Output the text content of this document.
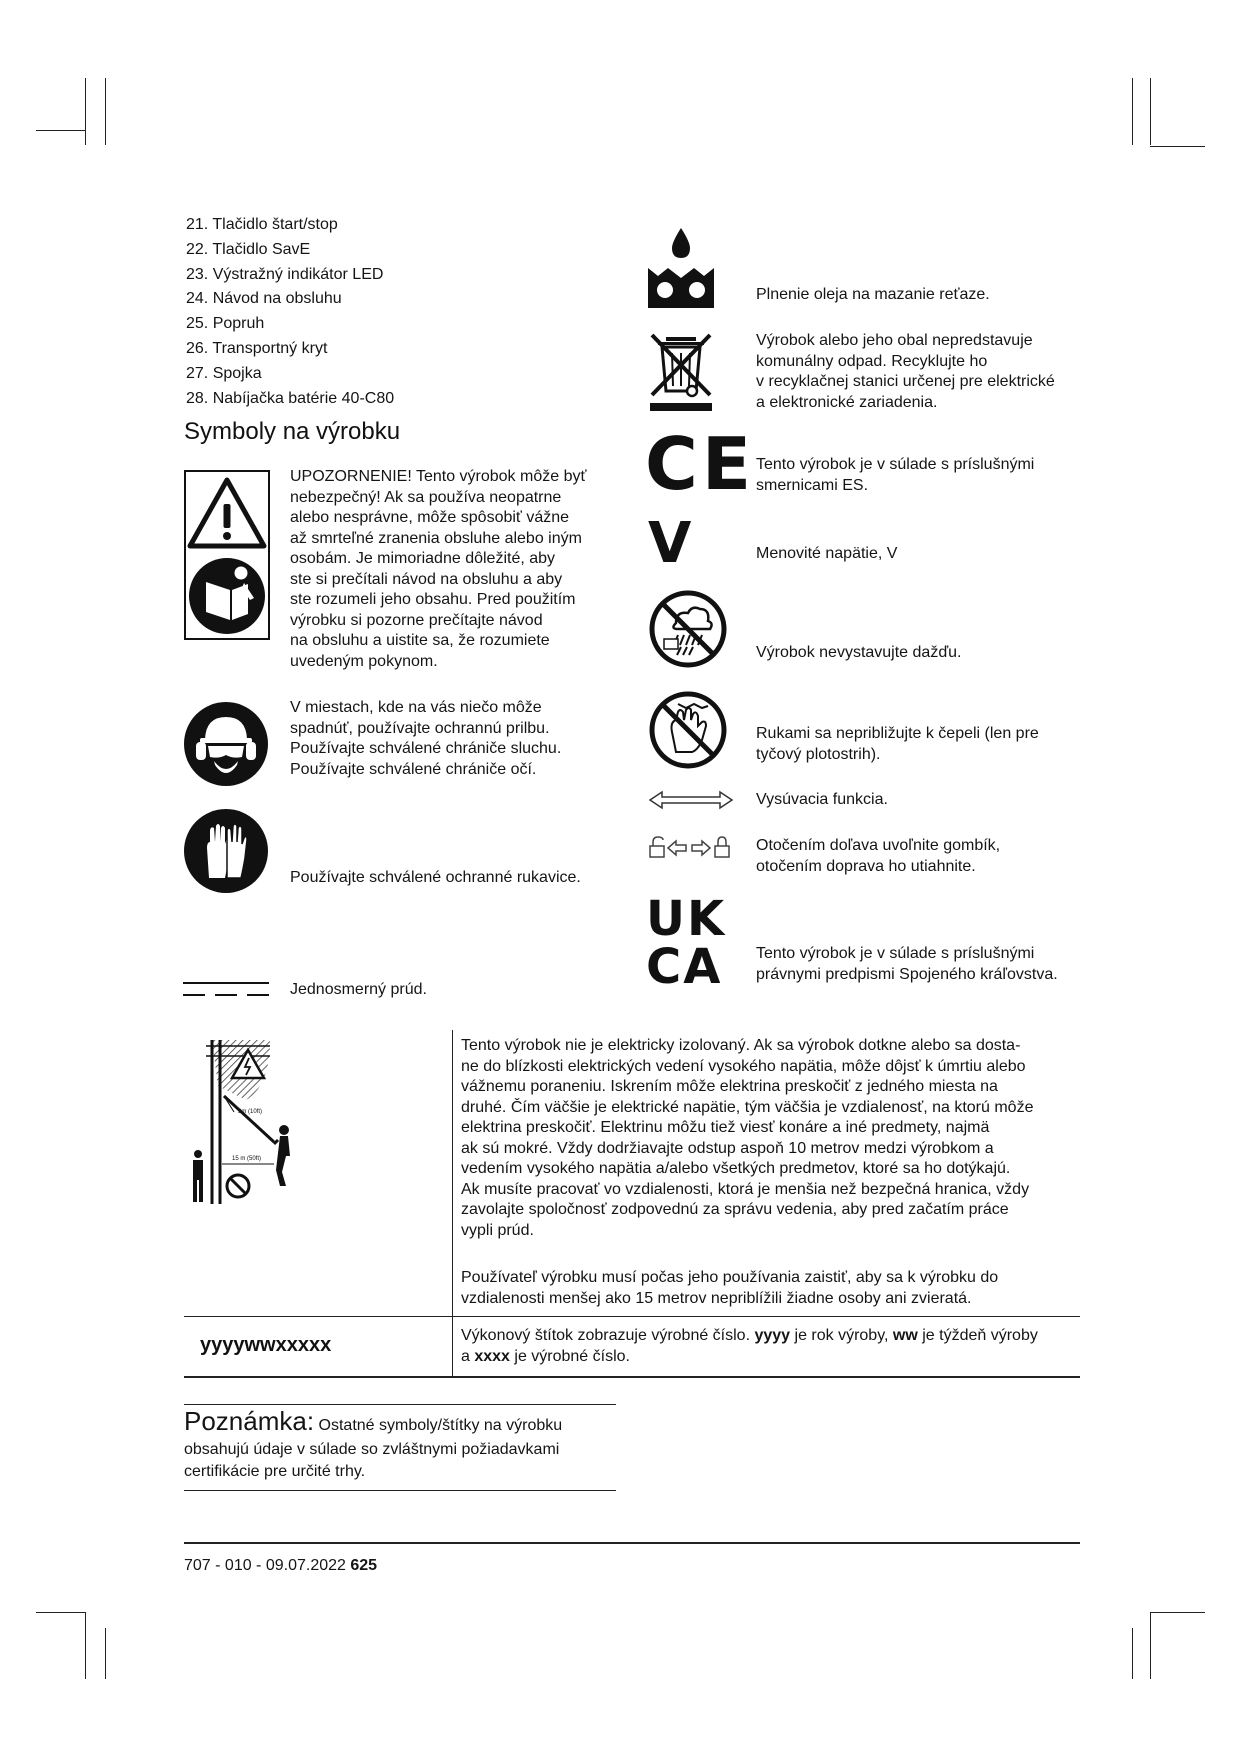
21. Tlačidlo štart/stop
22. Tlačidlo SavE
23. Výstražný indikátor LED
24. Návod na obsluhu
25. Popruh
26. Transportný kryt
27. Spojka
28. Nabíjačka batérie 40-C80
Symboly na výrobku
UPOZORNENIE! Tento výrobok môže byť
nebezpečný! Ak sa používa neopatrne
alebo nesprávne, môže spôsobiť vážne
až smrteľné zranenia obsluhe alebo iným
osobám. Je mimoriadne dôležité, aby
ste si prečítali návod na obsluhu a aby
ste rozumeli jeho obsahu. Pred použitím
výrobku si pozorne prečítajte návod
na obsluhu a uistite sa, že rozumiete
uvedeným pokynom.
V miestach, kde na vás niečo môže
spadnúť, používajte ochrannú prilbu.
Používajte schválené chrániče sluchu.
Používajte schválené chrániče očí.
Používajte schválené ochranné rukavice.
Jednosmerný prúd.
Plnenie oleja na mazanie reťaze.
Výrobok alebo jeho obal nepredstavuje
komunálny odpad. Recyklujte ho
v recyklačnej stanici určenej pre elektrické
a elektronické zariadenia.
CE Tento výrobok je v súlade s príslušnými
smernicami ES.
V	Menovité napätie, V
Výrobok nevystavujte dažďu.
Rukami sa nepribližujte k čepeli (len pre
tyčový plotostrih).
Vysúvacia funkcia.
Otočením doľava uvoľnite gombík,
otočením doprava ho utiahnite.
UK
CA	Tento výrobok je v súlade s príslušnými
právnymi predpismi Spojeného kráľovstva.
3m (10ft)
15 m (50ft)
Tento výrobok nie je elektricky izolovaný. Ak sa výrobok dotkne alebo sa dosta-
ne do blízkosti elektrických vedení vysokého napätia, môže dôjsť k úmrtiu alebo
vážnemu poraneniu. Iskrením môže elektrina preskočiť z jedného miesta na
druhé. Čím väčšie je elektrické napätie, tým väčšia je vzdialenosť, na ktorú môže
elektrina preskočiť. Elektrinu môžu tiež viesť konáre a iné predmety, najmä
ak sú mokré. Vždy dodržiavajte odstup aspoň 10 metrov medzi výrobkom a
vedením vysokého napätia a/alebo všetkých predmetov, ktoré sa ho dotýkajú.
Ak musíte pracovať vo vzdialenosti, ktorá je menšia než bezpečná hranica, vždy
zavolajte spoločnosť zodpovednú za správu vedenia, aby pred začatím práce
vypli prúd.
Používateľ výrobku musí počas jeho používania zaistiť, aby sa k výrobku do
vzdialenosti menšej ako 15 metrov nepriblížili žiadne osoby ani zvieratá.
yyyywwxxxxx	Výkonový štítok zobrazuje výrobné číslo. yyyy je rok výroby, ww je týždeň výroby
a xxxx je výrobné číslo.
Poznámka: Ostatné symboly/štítky na výrobku
obsahujú údaje v súlade so zvláštnymi požiadavkami
certifikácie pre určité trhy.
707 - 010 - 09.07.2022 625
